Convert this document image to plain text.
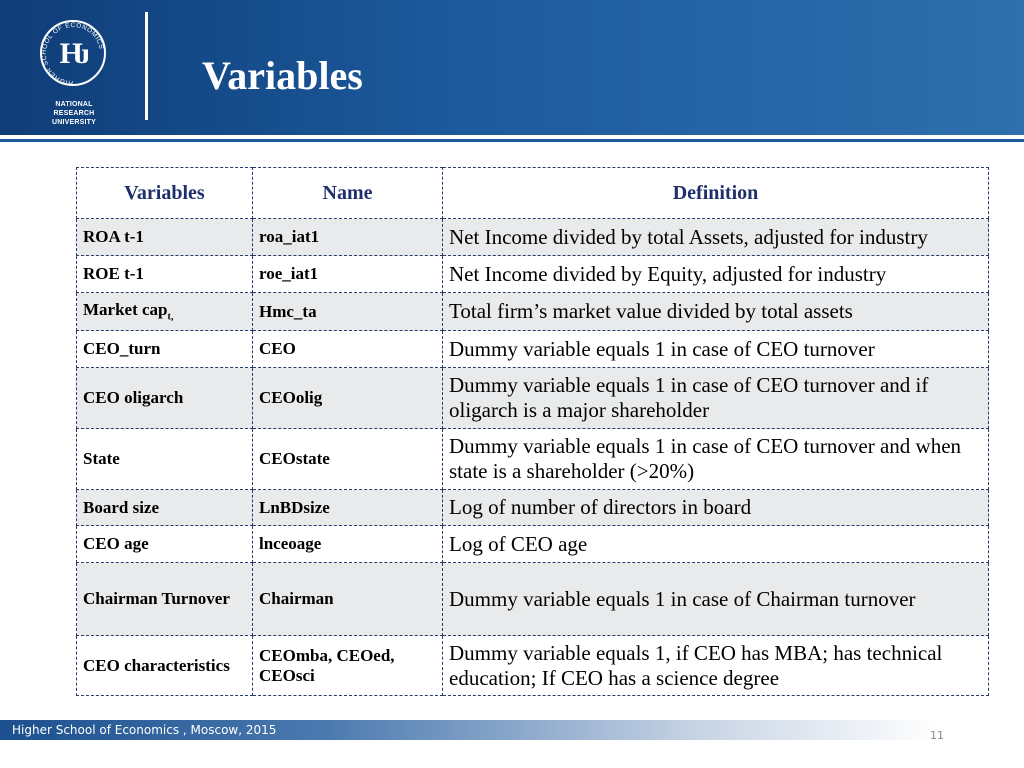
HIGHER SCHOOL OF ECONOMICS
Ƕ
NATIONAL RESEARCH
UNIVERSITY
Variables
Variables	Name	Definition
ROA t-1	roa_iat1	Net Income divided by total Assets, adjusted for industry
ROE t-1	roe_iat1	Net Income divided by Equity, adjusted for industry
Market cap$_{t,}$	Hmc_ta	Total firm’s market value divided by total assets
CEO_turn	CEO	Dummy variable equals 1 in case of CEO turnover
CEO oligarch	CEOolig	Dummy variable equals 1 in case of CEO turnover and if oligarch is a major shareholder
State	CEOstate	Dummy variable equals 1 in case of CEO turnover and when state is a shareholder (>20%)
Board size	LnBDsize	Log of number of directors in board
CEO age	lnceoage	Log of CEO age
Chairman Turnover	Chairman	Dummy variable equals 1 in case of Chairman turnover
CEO characteristics	CEOmba, CEOed, CEOsci	Dummy variable equals 1, if CEO has MBA; has technical education; If CEO has a science degree
Higher School of Economics , Moscow, 2015	11
